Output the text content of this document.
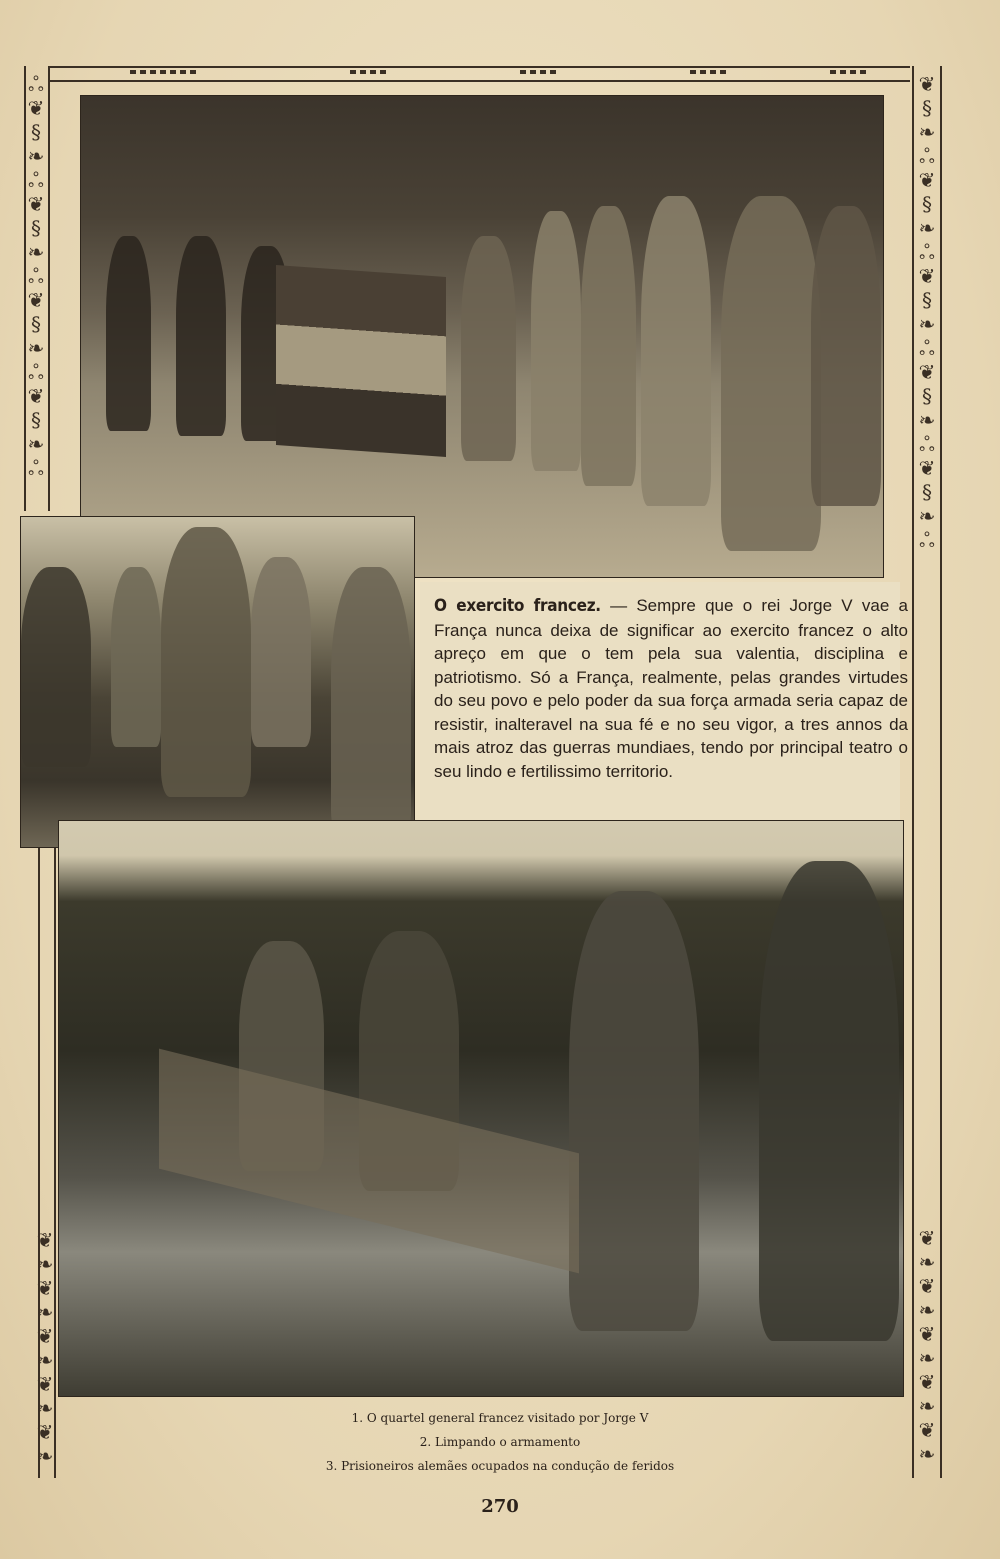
ஃ
❦
§
❧
ஃ
❦
§
❧
ஃ
❦
§
❧
ஃ
❦
§
❧
ஃ
❦
❧
❦
❧
❦
❧
❦
❧
❦
❧
❦
§
❧
ஃ
❦
§
❧
ஃ
❦
§
❧
ஃ
❦
§
❧
ஃ
❦
§
❧
ஃ
❦
❧
❦
❧
❦
❧
❦
❧
❦
❧

O exercito francez. — Sempre que o rei Jorge V vae a França nunca deixa de significar ao exercito francez o alto apreço em que o tem pela sua valentia, disciplina e patriotismo. Só a França, realmente, pelas grandes virtudes do seu povo e pelo poder da sua força armada seria capaz de resistir, inalteravel na sua fé e no seu vigor, a tres annos da mais atroz das guerras mundiaes, tendo por principal teatro o seu lindo e fertilissimo territorio.

1. O quartel general francez visitado por Jorge V
2. Limpando o armamento
3. Prisioneiros alemães ocupados na condução de feridos
270
